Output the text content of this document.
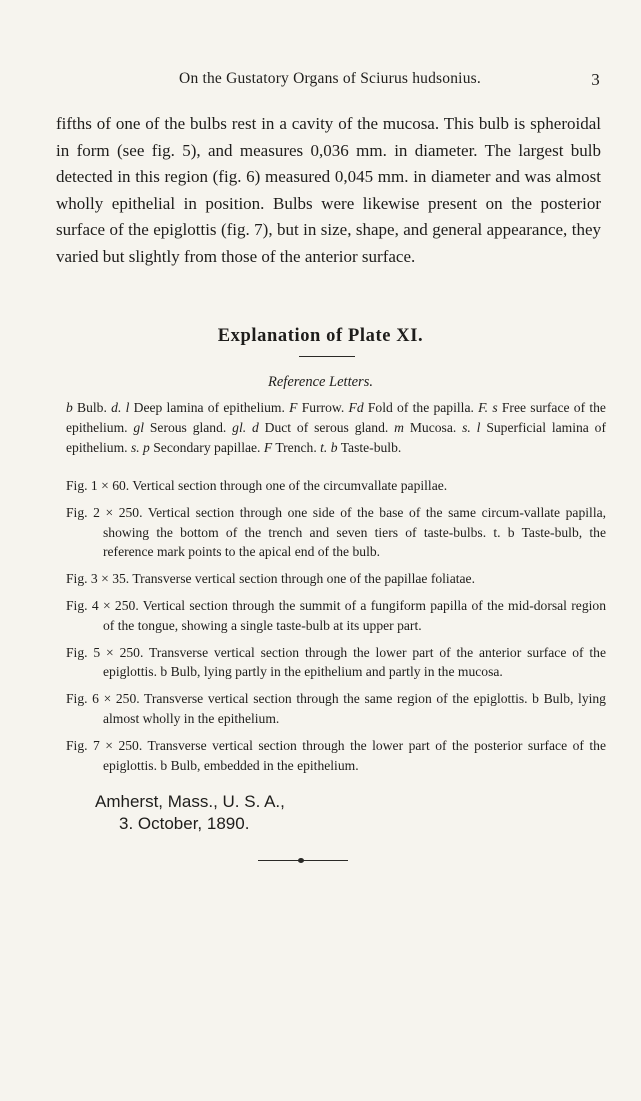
On the Gustatory Organs of Sciurus hudsonius.	3

fifths of one of the bulbs rest in a cavity of the mucosa. This bulb is spheroidal in form (see fig. 5), and measures 0,036 mm. in diameter. The largest bulb detected in this region (fig. 6) measured 0,045 mm. in diameter and was almost wholly epithelial in position. Bulbs were likewise present on the posterior surface of the epiglottis (fig. 7), but in size, shape, and general appearance, they varied but slightly from those of the anterior surface.

Explanation of Plate XI.

Reference Letters.

b Bulb. d. l Deep lamina of epithelium. F Furrow. Fd Fold of the papilla. F. s Free surface of the epithelium. gl Serous gland. gl. d Duct of serous gland. m Mucosa. s. l Superficial lamina of epithelium. s. p Secondary papillae. F Trench. t. b Taste-bulb.

Fig. 1 × 60. Vertical section through one of the circumvallate papillae.
Fig. 2 × 250. Vertical section through one side of the base of the same circum-vallate papilla, showing the bottom of the trench and seven tiers of taste-bulbs. t. b Taste-bulb, the reference mark points to the apical end of the bulb.
Fig. 3 × 35. Transverse vertical section through one of the papillae foliatae.
Fig. 4 × 250. Vertical section through the summit of a fungiform papilla of the mid-dorsal region of the tongue, showing a single taste-bulb at its upper part.
Fig. 5 × 250. Transverse vertical section through the lower part of the anterior surface of the epiglottis. b Bulb, lying partly in the epithelium and partly in the mucosa.
Fig. 6 × 250. Transverse vertical section through the same region of the epiglottis. b Bulb, lying almost wholly in the epithelium.
Fig. 7 × 250. Transverse vertical section through the lower part of the posterior surface of the epiglottis. b Bulb, embedded in the epithelium.
Amherst, Mass., U. S. A.,
3. October, 1890.
